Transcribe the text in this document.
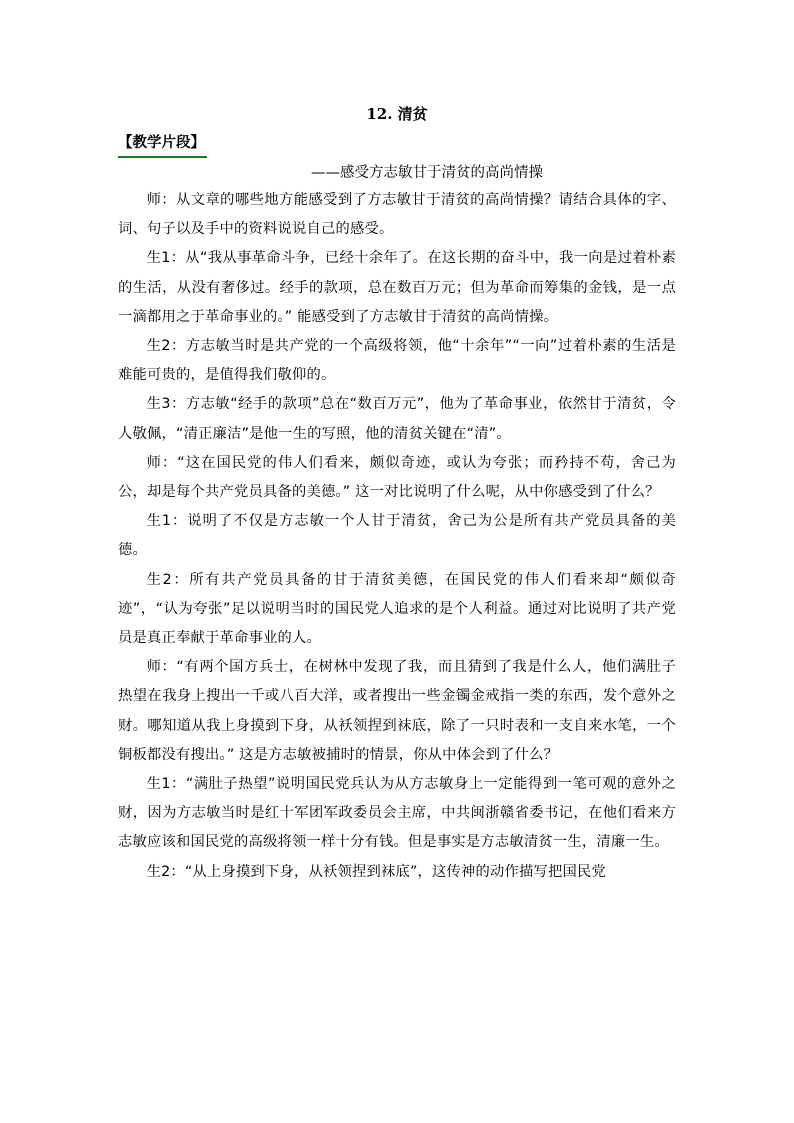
12. 清贫
【教学片段】

——感受方志敏甘于清贫的高尚情操

师：从文章的哪些地方能感受到了方志敏甘于清贫的高尚情操？请结合具体的字、词、句子以及手中的资料说说自己的感受。

生1：从“我从事革命斗争，已经十余年了。在这长期的奋斗中，我一向是过着朴素的生活，从没有奢侈过。经手的款项，总在数百万元；但为革命而筹集的金钱，是一点一滴都用之于革命事业的。” 能感受到了方志敏甘于清贫的高尚情操。

生2：方志敏当时是共产党的一个高级将领，他“十余年”“一向”过着朴素的生活是难能可贵的，是值得我们敬仰的。

生3：方志敏“经手的款项”总在“数百万元”，他为了革命事业，依然甘于清贫，令人敬佩，“清正廉洁”是他一生的写照，他的清贫关键在“清”。

师：“这在国民党的伟人们看来，颇似奇迹，或认为夸张；而矜持不苟，舍己为公，却是每个共产党员具备的美德。” 这一对比说明了什么呢，从中你感受到了什么？

生1：说明了不仅是方志敏一个人甘于清贫，舍己为公是所有共产党员具备的美德。

生2：所有共产党员具备的甘于清贫美德，在国民党的伟人们看来却“颇似奇迹”，“认为夸张”足以说明当时的国民党人追求的是个人利益。通过对比说明了共产党员是真正奉献于革命事业的人。

师：“有两个国方兵士，在树林中发现了我，而且猜到了我是什么人，他们满肚子热望在我身上搜出一千或八百大洋，或者搜出一些金镯金戒指一类的东西，发个意外之财。哪知道从我上身摸到下身，从袄领捏到袜底，除了一只时表和一支自来水笔，一个铜板都没有搜出。” 这是方志敏被捕时的情景，你从中体会到了什么？

生1：“满肚子热望”说明国民党兵认为从方志敏身上一定能得到一笔可观的意外之财，因为方志敏当时是红十军团军政委员会主席，中共闽浙赣省委书记，在他们看来方志敏应该和国民党的高级将领一样十分有钱。但是事实是方志敏清贫一生，清廉一生。

生2：“从上身摸到下身，从袄领捏到袜底”，这传神的动作描写把国民党
